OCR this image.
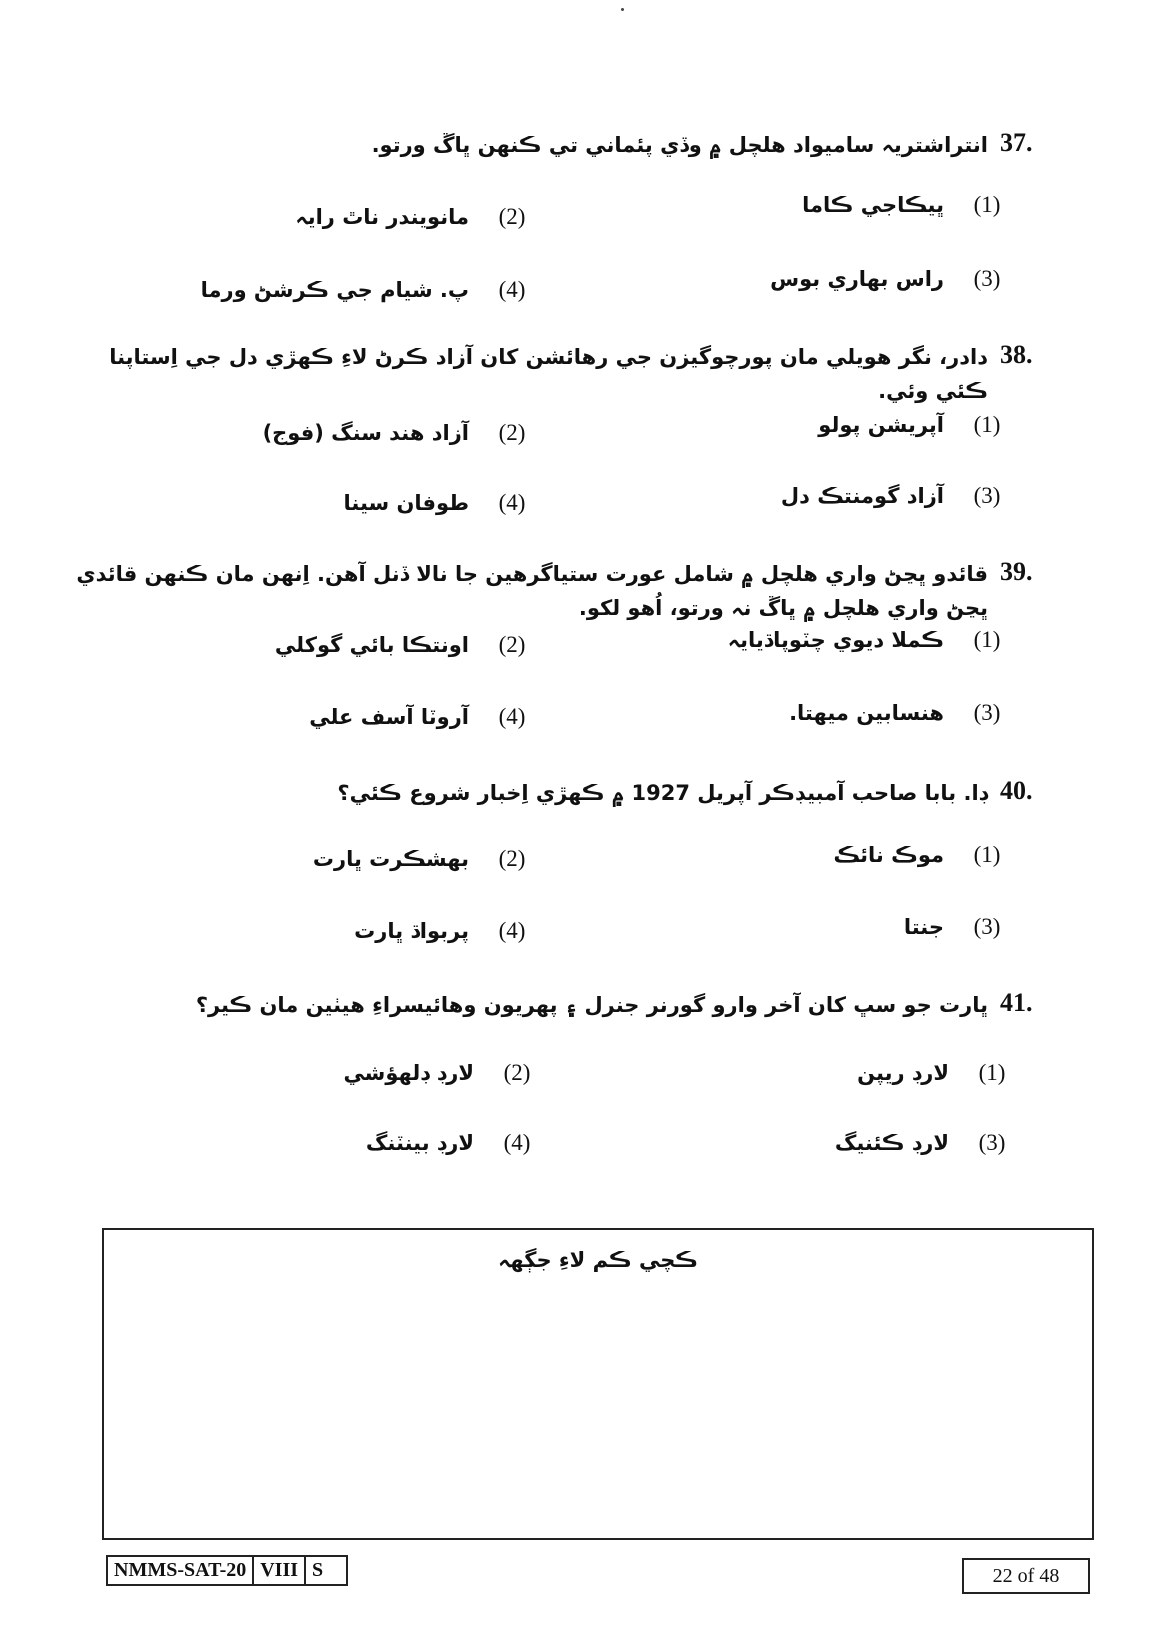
37.
انتراشتريہ ساميواد هلچل ۾ وڏي پئماني تي ڪنهن ڀاڱ ورتو.
(1)ڀيڪاجي ڪاما
(2)مانويندر ناٿ رايہ
(3)راس بهاري بوس
(4)پ. شيام جي ڪرشڻ ورما
38.
دادر، نگر هويلي مان پورچوگيزن جي رهائشن کان آزاد ڪرڻ لاءِ ڪهڙي دل جي اِستاپنا ڪئي وئي.
(1)آپريشن پولو
(2)آزاد هند سنگ (فوج)
(3)آزاد گومنتڪ دل
(4)طوفان سينا
39.
قائدو ڀڃڻ واري هلچل ۾ شامل عورت ستياگرهين جا نالا ڏنل آهن. اِنهن مان ڪنهن قائدي ڀڃڻ واري هلچل ۾ ڀاڱ نہ ورتو، اُهو لکو.
(1)ڪملا ديوي چٽوپاڌيايہ
(2)اونتڪا بائي گوکلي
(3)هنسابين ميهتا.
(4)آروٽا آسف علي
40.
ڊا. بابا صاحب آمبيڊڪر آپريل 1927 ۾ ڪهڙي اِخبار شروع ڪئي؟
(1)موڪ نائڪ
(2)بهشڪرت ڀارت
(3)جنتا
(4)پربواڌ ڀارت
41.
ڀارت جو سڀ کان آخر وارو گورنر جنرل ۽ پهريون وهائيسراءِ هيٺين مان ڪير؟
(1)لارڊ ريپن
(2)لارڊ ڊلهؤشي
(3)لارڊ ڪئنيگ
(4)لارڊ بينٽنگ
ڪچي ڪم لاءِ جڳهہ
NMMS-SAT-20 VIII S	22 of 48
